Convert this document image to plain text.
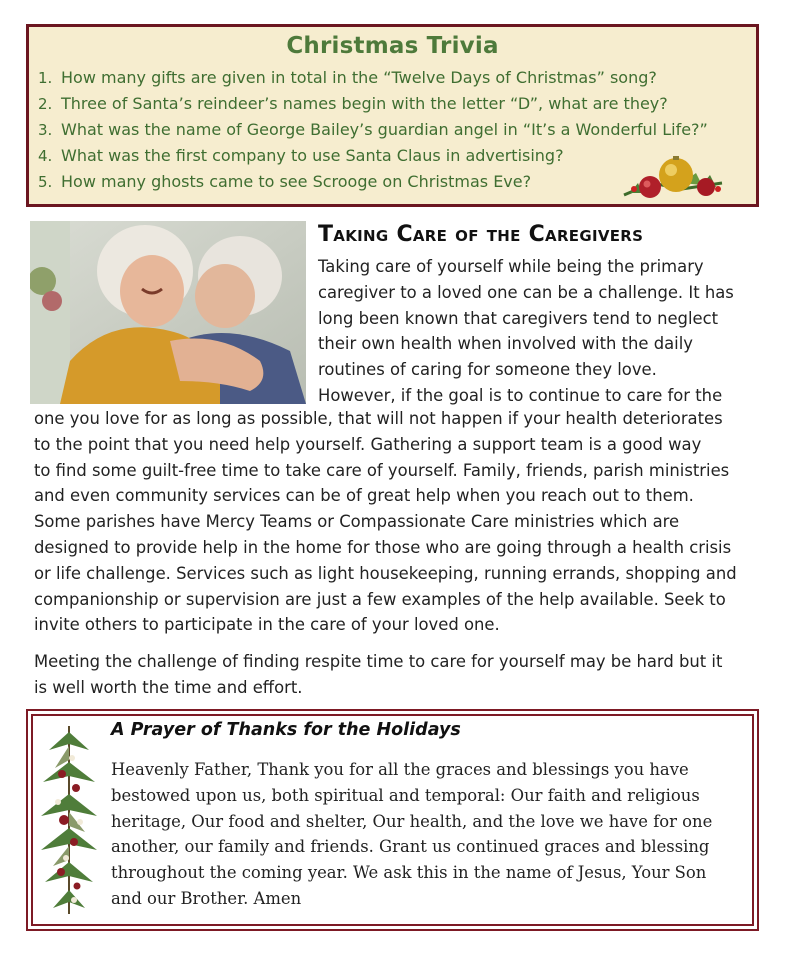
Christmas Trivia
1. How many gifts are given in total in the “Twelve Days of Christmas” song?
2. Three of Santa’s reindeer’s names begin with the letter “D”, what are they?
3. What was the name of George Bailey’s guardian angel in “It’s a Wonderful Life?”
4. What was the first company to use Santa Claus in advertising?
5. How many ghosts came to see Scrooge on Christmas Eve?
Taking Care of the Caregivers
Taking care of yourself while being the primary
caregiver to a loved one can be a challenge. It has
long been known that caregivers tend to neglect
their own health when involved with the daily
routines of caring for someone they love.
However, if the goal is to continue to care for the
one you love for as long as possible, that will not happen if your health deteriorates
to the point that you need help yourself. Gathering a support team is a good way
to find some guilt-free time to take care of yourself. Family, friends, parish ministries
and even community services can be of great help when you reach out to them.
Some parishes have Mercy Teams or Compassionate Care ministries which are
designed to provide help in the home for those who are going through a health crisis
or life challenge. Services such as light housekeeping, running errands, shopping and
companionship or supervision are just a few examples of the help available. Seek to
invite others to participate in the care of your loved one.
Meeting the challenge of finding respite time to care for yourself may be hard but it
is well worth the time and effort.
A Prayer of Thanks for the Holidays
Heavenly Father, Thank you for all the graces and blessings you have
bestowed upon us, both spiritual and temporal: Our faith and religious
heritage, Our food and shelter, Our health, and the love we have for one
another, our family and friends. Grant us continued graces and blessing
throughout the coming year. We ask this in the name of Jesus, Your Son
and our Brother. Amen
